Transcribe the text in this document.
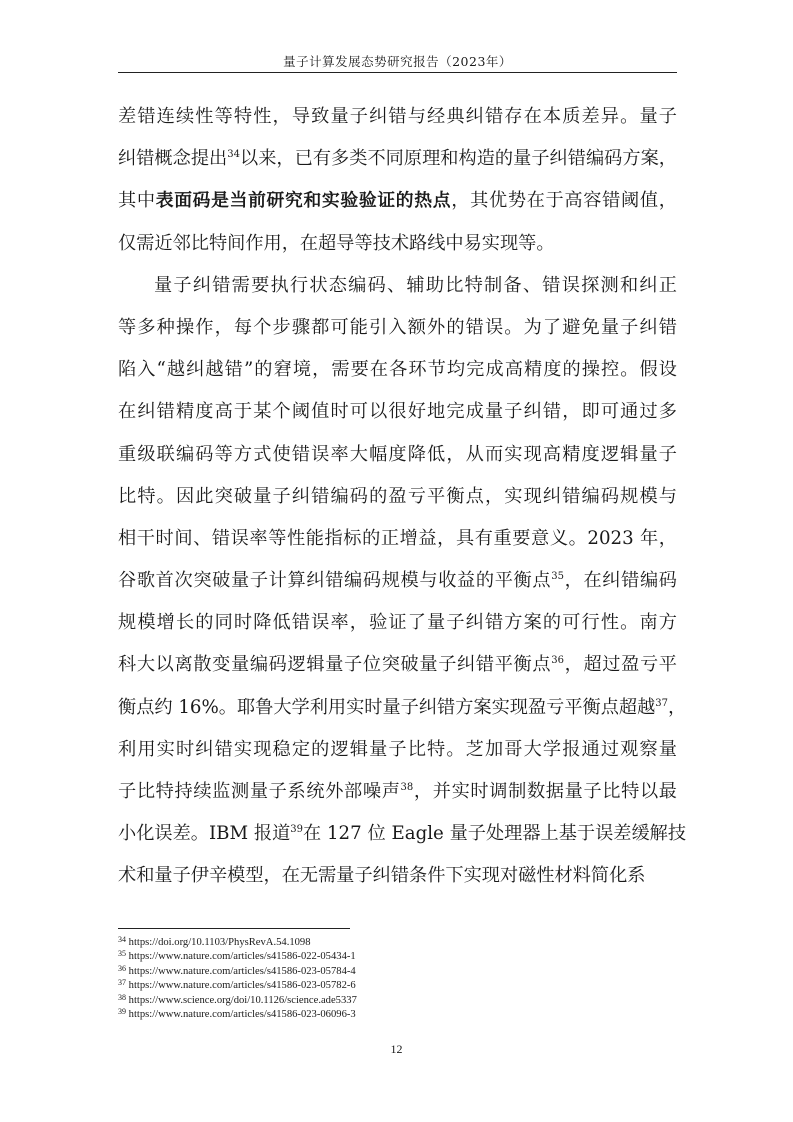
量子计算发展态势研究报告（2023年）
差错连续性等特性，导致量子纠错与经典纠错存在本质差异。量子
纠错概念提出$^{34}$以来，已有多类不同原理和构造的量子纠错编码方案，
其中表面码是当前研究和实验验证的热点，其优势在于高容错阈值，
仅需近邻比特间作用，在超导等技术路线中易实现等。
量子纠错需要执行状态编码、辅助比特制备、错误探测和纠正
等多种操作，每个步骤都可能引入额外的错误。为了避免量子纠错
陷入“越纠越错”的窘境，需要在各环节均完成高精度的操控。假设
在纠错精度高于某个阈值时可以很好地完成量子纠错，即可通过多
重级联编码等方式使错误率大幅度降低，从而实现高精度逻辑量子
比特。因此突破量子纠错编码的盈亏平衡点，实现纠错编码规模与
相干时间、错误率等性能指标的正增益，具有重要意义。2023 年，
谷歌首次突破量子计算纠错编码规模与收益的平衡点$^{35}$，在纠错编码
规模增长的同时降低错误率，验证了量子纠错方案的可行性。南方
科大以离散变量编码逻辑量子位突破量子纠错平衡点$^{36}$，超过盈亏平
衡点约 16%。耶鲁大学利用实时量子纠错方案实现盈亏平衡点超越$^{37}$，
利用实时纠错实现稳定的逻辑量子比特。芝加哥大学报通过观察量
子比特持续监测量子系统外部噪声$^{38}$，并实时调制数据量子比特以最
小化误差。IBM 报道$^{39}$在 127 位 Eagle 量子处理器上基于误差缓解技
术和量子伊辛模型，在无需量子纠错条件下实现对磁性材料简化系
$^{34}$ https://doi.org/10.1103/PhysRevA.54.1098
$^{35}$ https://www.nature.com/articles/s41586-022-05434-1
$^{36}$ https://www.nature.com/articles/s41586-023-05784-4
$^{37}$ https://www.nature.com/articles/s41586-023-05782-6
$^{38}$ https://www.science.org/doi/10.1126/science.ade5337
$^{39}$ https://www.nature.com/articles/s41586-023-06096-3
12
